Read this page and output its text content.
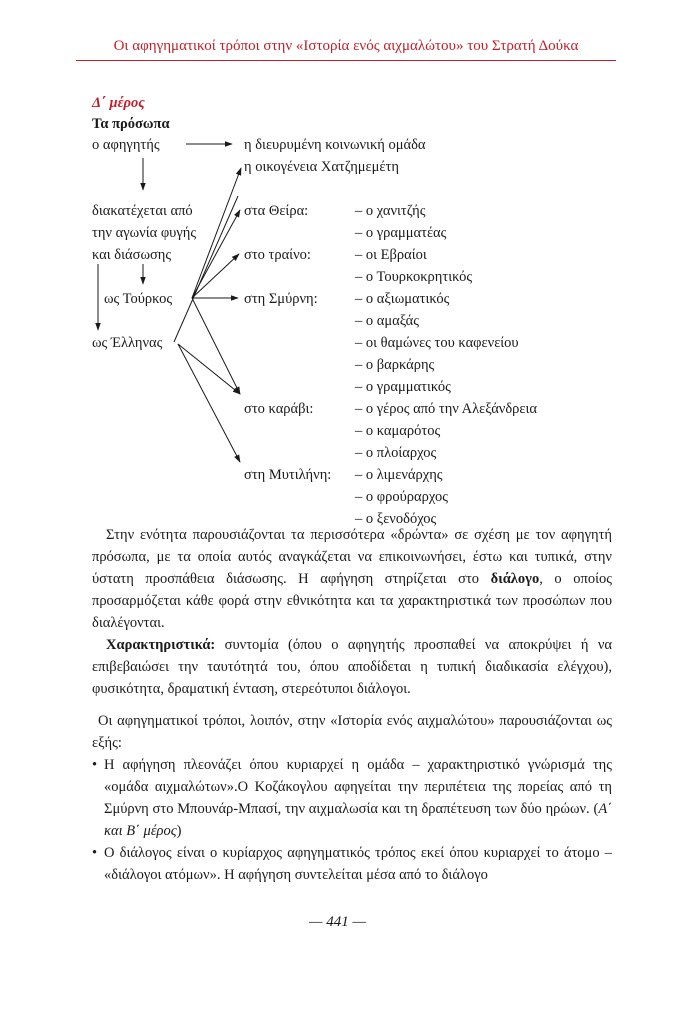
Οι αφηγηματικοί τρόποι στην «Ιστορία ενός αιχμαλώτου» του Στρατή Δούκα
Δ΄ μέρος
Τα πρόσωπα
ο αφηγητής	η διευρυμένη κοινωνική ομάδα
η οικογένεια Χατζημεμέτη
διακατέχεται από
την αγωνία φυγής
και διάσωσης
ως Τούρκος
ως Έλληνας
στα Θείρα:
στο τραίνο:
στη Σμύρνη:
στο καράβι:
στη Μυτιλήνη:
– ο χανιτζής
– ο γραμματέας
– οι Εβραίοι
– ο Τουρκοκρητικός
– ο αξιωματικός
– ο αμαξάς
– οι θαμώνες του καφενείου
– ο βαρκάρης
– ο γραμματικός
– ο γέρος από την Αλεξάνδρεια
– ο καμαρότος
– ο πλοίαρχος
– ο λιμενάρχης
– ο φρούραρχος
– ο ξενοδόχος
Στην ενότητα παρουσιάζονται τα περισσότερα «δρώντα» σε σχέση με τον αφηγητή πρόσωπα, με τα οποία αυτός αναγκάζεται να επικοινωνήσει, έστω και τυπικά, στην ύστατη προσπάθεια διάσωσης. Η αφήγηση στηρίζεται στο διάλογο, ο οποίος προσαρμόζεται κάθε φορά στην εθνικότητα και τα χαρακτηριστικά των προσώπων που διαλέγονται.
Χαρακτηριστικά: συντομία (όπου ο αφηγητής προσπαθεί να αποκρύψει ή να επιβεβαιώσει την ταυτότητά του, όπου αποδίδεται η τυπική διαδικασία ελέγχου), φυσικότητα, δραματική ένταση, στερεότυποι διάλογοι.
Οι αφηγηματικοί τρόποι, λοιπόν, στην «Ιστορία ενός αιχμαλώτου» παρουσιάζονται ως εξής:
• Η αφήγηση πλεονάζει όπου κυριαρχεί η ομάδα – χαρακτηριστικό γνώρισμά της «ομάδα αιχμαλώτων».Ο Κοζάκογλου αφηγείται την περιπέτεια της πορείας από τη Σμύρνη στο Μπουνάρ-Μπασί, την αιχμαλωσία και τη δραπέτευση των δύο ηρώων. (Α΄ και Β΄ μέρος)
• Ο διάλογος είναι ο κυρίαρχος αφηγηματικός τρόπος εκεί όπου κυριαρχεί το άτομο – «διάλογοι ατόμων». Η αφήγηση συντελείται μέσα από το διάλογο
— 441 —
